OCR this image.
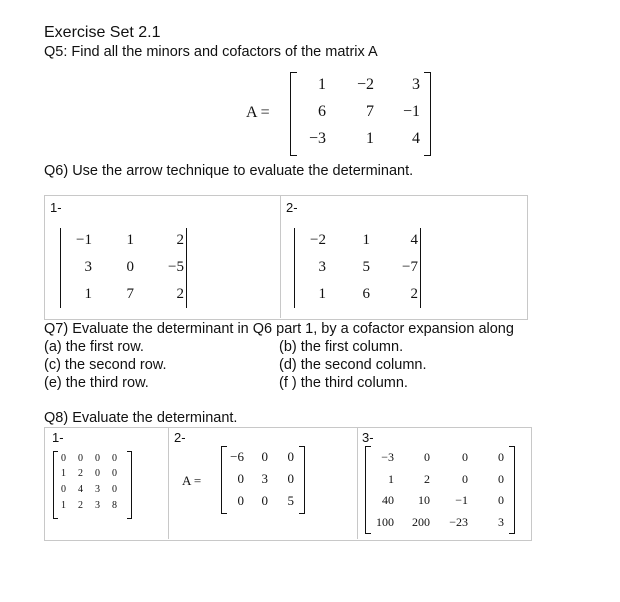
Exercise Set 2.1
Q5: Find all the minors and cofactors of the matrix A
A =
1	−2	3
6	7	−1
−3	1	4
Q6) Use the arrow technique to evaluate the determinant.
1-	2-
−1	1	2
3	0	−5
1	7	2
−2	1	4
3	5	−7
1	6	2
Q7) Evaluate the determinant in Q6 part 1, by a cofactor expansion along
(a) the first row.	(b) the first column.
(c) the second row.	(d) the second column.
(e) the third row.	(f ) the third column.
Q8) Evaluate the determinant.
1-	2-	3-
0	0	0	0
1	2	0	0
0	4	3	0
1	2	3	8
A =
−6	0	0
0	3	0
0	0	5
−3	0	0	0
1	2	0	0
40	10	−1	0
100	200	−23	3
